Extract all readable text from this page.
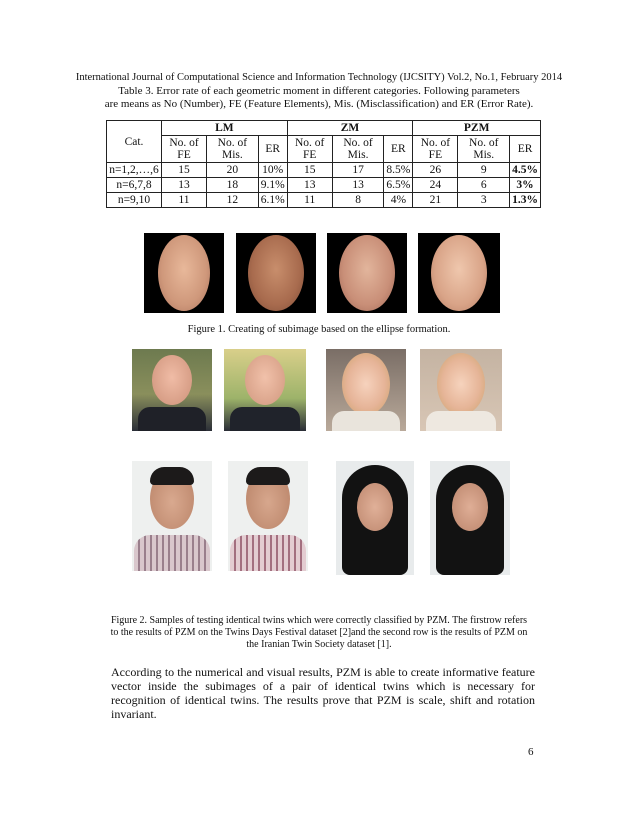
International Journal of Computational Science and Information Technology (IJCSITY) Vol.2, No.1, February 2014
Table 3. Error rate of each geometric moment in different categories. Following parameters
are means as No (Number), FE (Feature Elements), Mis. (Misclassification) and ER (Error Rate).
Cat.	LM			ZM			PZM		
	No. of FE	No. of Mis.	ER	No. of FE	No. of Mis.	ER	No. of FE	No. of Mis.	ER
n=1,2,…,6	15	20	10%	15	17	8.5%	26	9	4.5%
n=6,7,8	13	18	9.1%	13	13	6.5%	24	6	3%
n=9,10	11	12	6.1%	11	8	4%	21	3	1.3%
Figure 1. Creating of subimage based on the ellipse formation.
Figure 2. Samples of testing identical twins which were correctly classified by PZM. The firstrow refers
to the results of PZM on the Twins Days Festival dataset [2]and the second row is the results of PZM on
the Iranian Twin Society dataset [1].
According to the numerical and visual results, PZM is able to create informative feature vector inside the subimages of a pair of identical twins which is necessary for recognition of identical twins. The results prove that PZM is scale, shift and rotation invariant.
6
